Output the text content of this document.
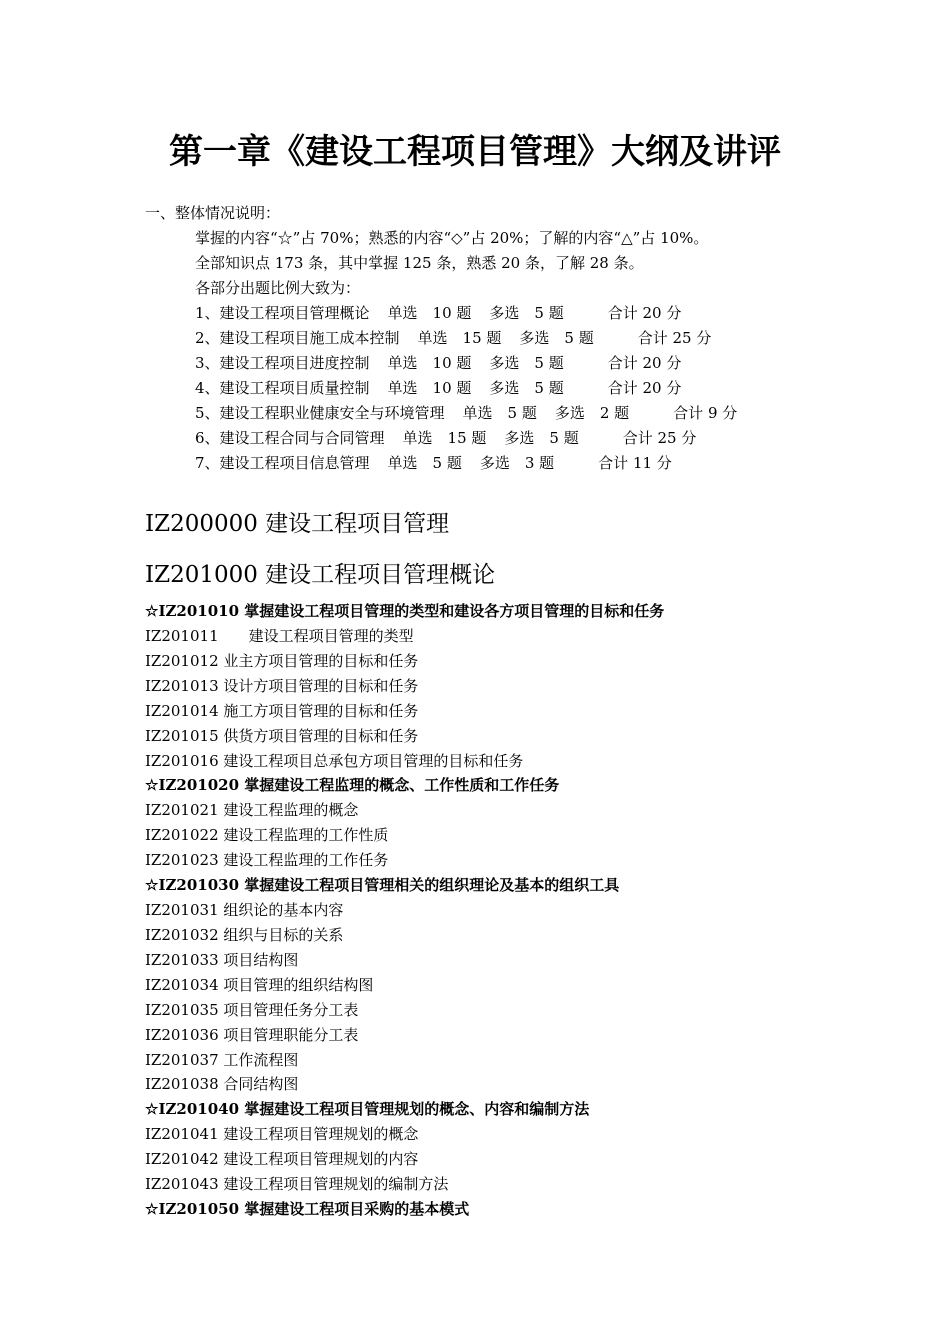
第一章《建设工程项目管理》大纲及讲评
一、整体情况说明：
掌握的内容“☆”占 70%；熟悉的内容“◇”占 20%；了解的内容“△”占 10%。
全部知识点 173 条，其中掌握 125 条，熟悉 20 条，了解 28 条。
各部分出题比例大致为：
1、建设工程项目管理概论 单选　10 题 多选　5 题	合计 20 分
2、建设工程项目施工成本控制 单选　15 题 多选　5 题	合计 25 分
3、建设工程项目进度控制 单选　10 题 多选　5 题	合计 20 分
4、建设工程项目质量控制 单选　10 题 多选　5 题	合计 20 分
5、建设工程职业健康安全与环境管理 单选　5 题 多选　2 题	合计 9 分
6、建设工程合同与合同管理 单选　15 题 多选　5 题	合计 25 分
7、建设工程项目信息管理 单选　5 题 多选　3 题	合计 11 分
IZ200000 建设工程项目管理
IZ201000 建设工程项目管理概论
☆IZ201010 掌握建设工程项目管理的类型和建设各方项目管理的目标和任务
IZ201011　　建设工程项目管理的类型
IZ201012 业主方项目管理的目标和任务
IZ201013 设计方项目管理的目标和任务
IZ201014 施工方项目管理的目标和任务
IZ201015 供货方项目管理的目标和任务
IZ201016 建设工程项目总承包方项目管理的目标和任务
☆IZ201020 掌握建设工程监理的概念、工作性质和工作任务
IZ201021 建设工程监理的概念
IZ201022 建设工程监理的工作性质
IZ201023 建设工程监理的工作任务
☆IZ201030 掌握建设工程项目管理相关的组织理论及基本的组织工具
IZ201031 组织论的基本内容
IZ201032 组织与目标的关系
IZ201033 项目结构图
IZ201034 项目管理的组织结构图
IZ201035 项目管理任务分工表
IZ201036 项目管理职能分工表
IZ201037 工作流程图
IZ201038 合同结构图
☆IZ201040 掌握建设工程项目管理规划的概念、内容和编制方法
IZ201041 建设工程项目管理规划的概念
IZ201042 建设工程项目管理规划的内容
IZ201043 建设工程项目管理规划的编制方法
☆IZ201050 掌握建设工程项目采购的基本模式
